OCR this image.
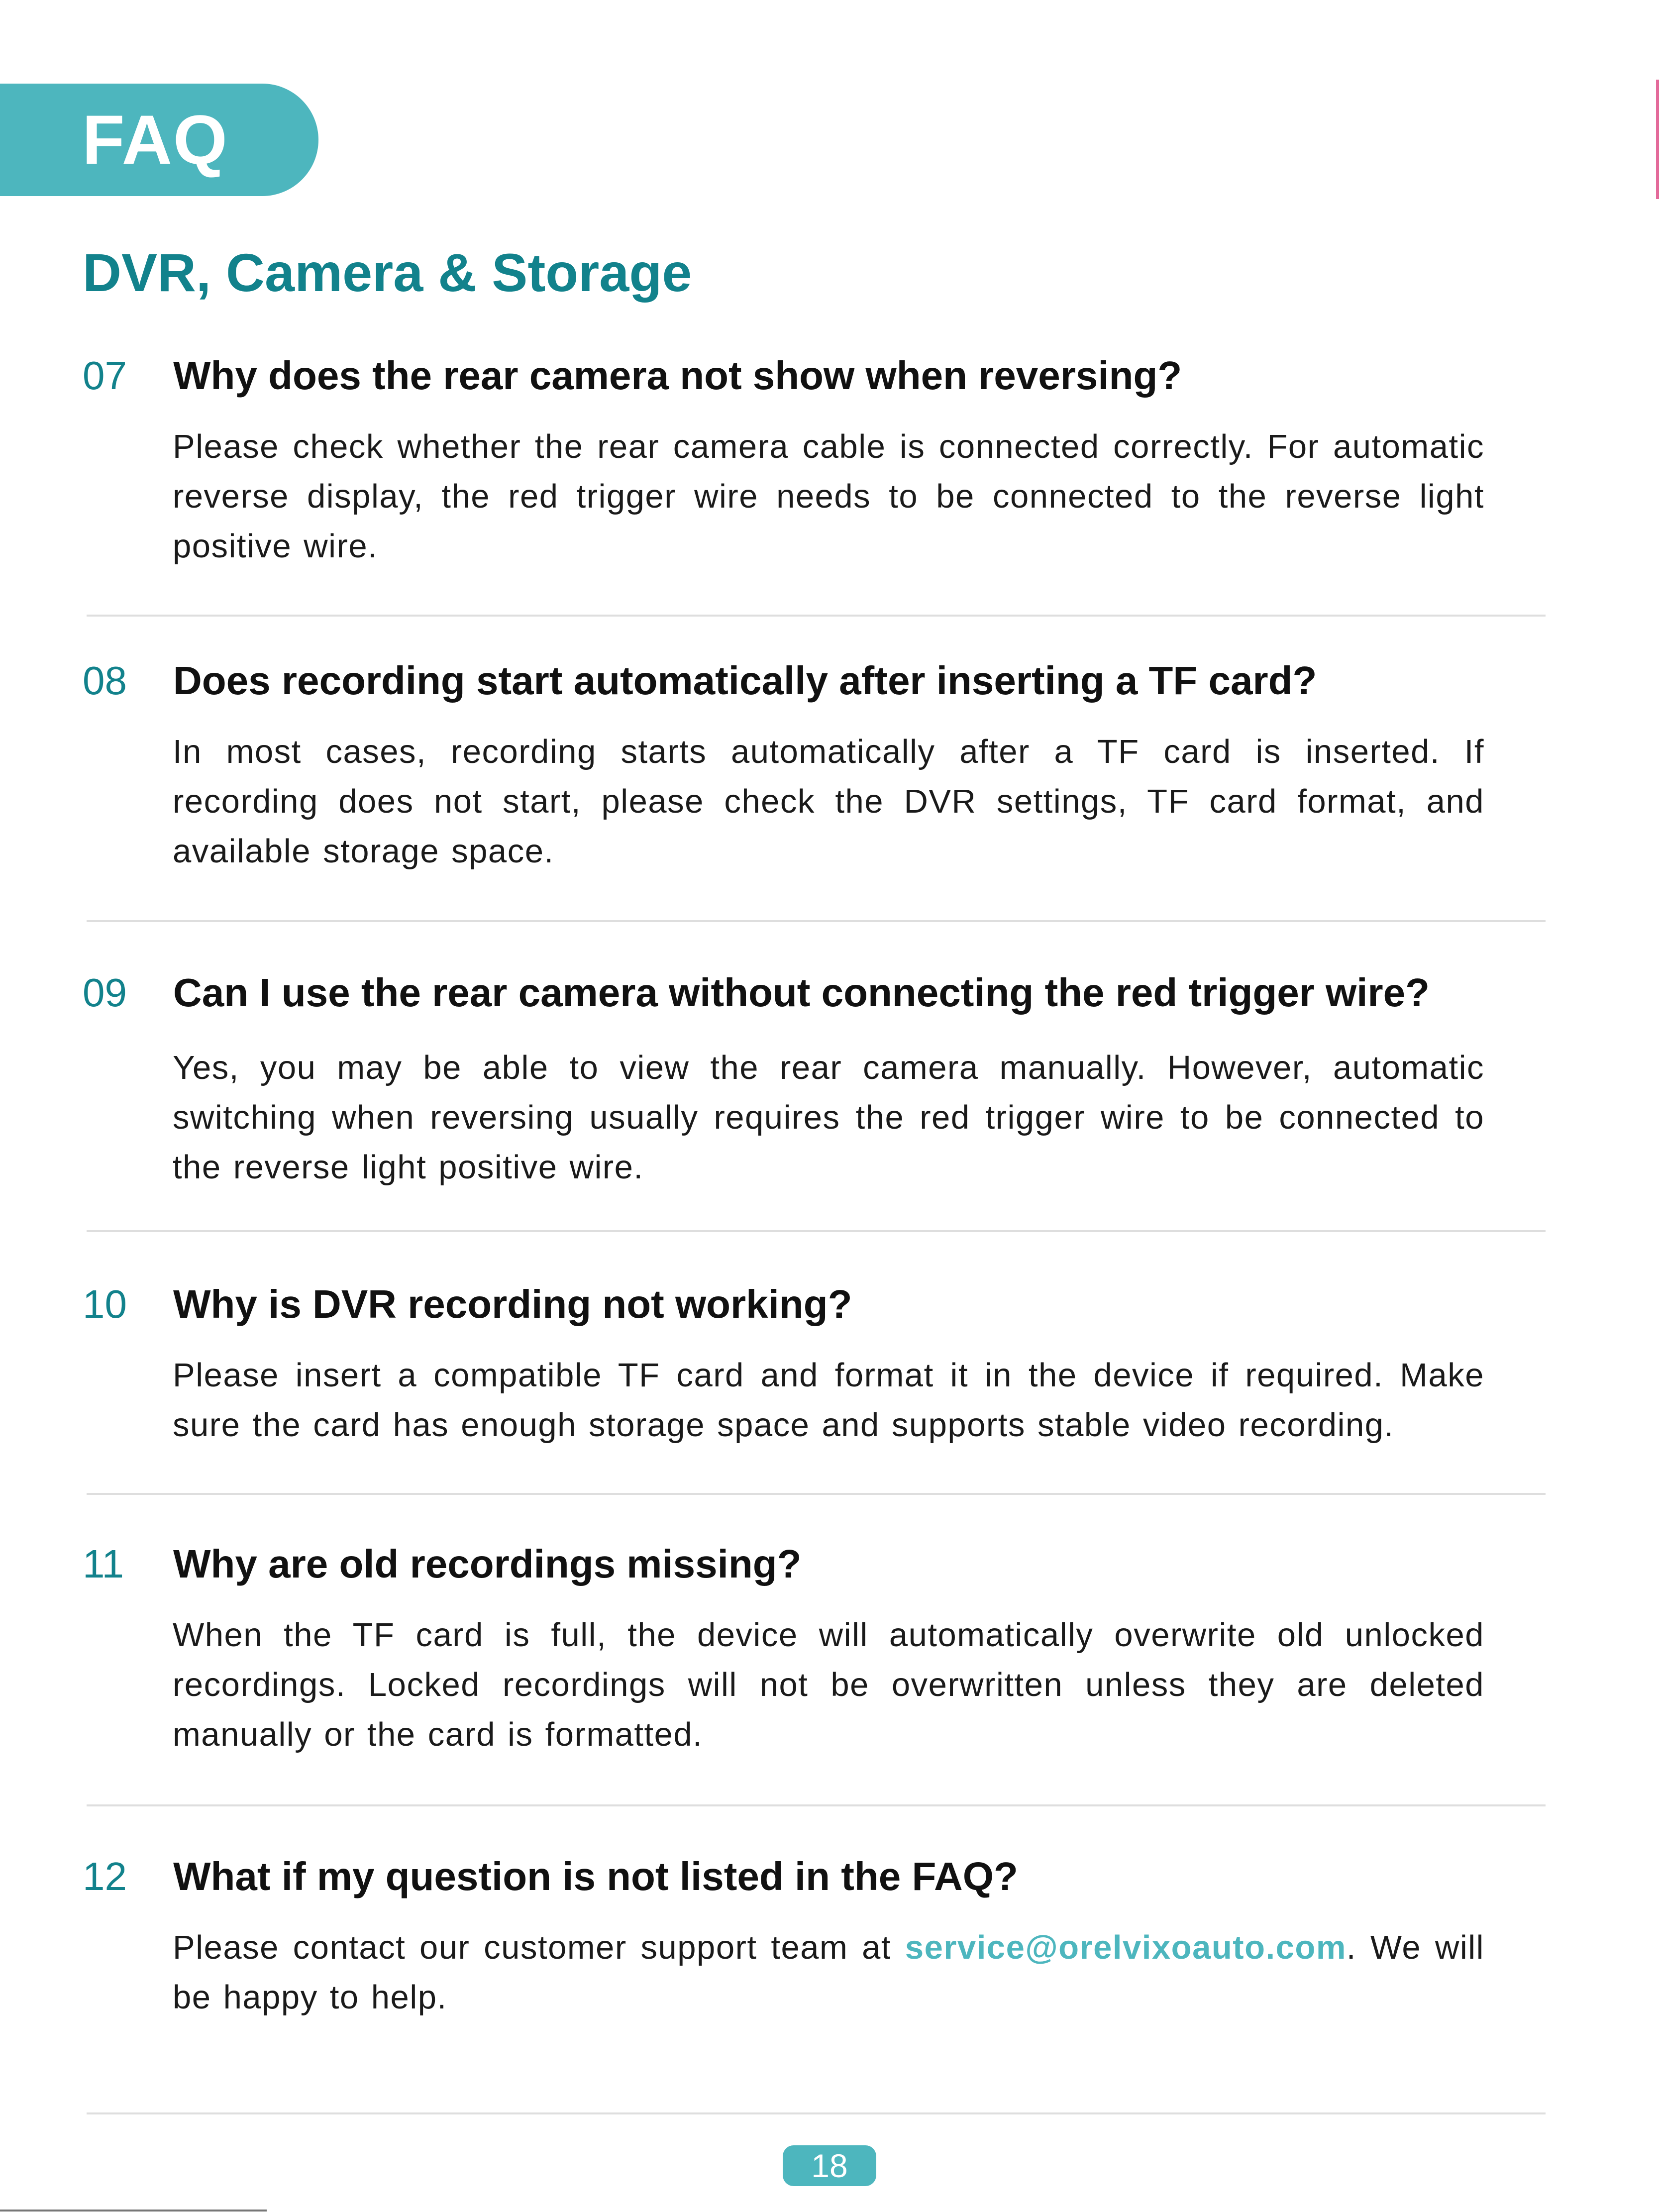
FAQ
DVR, Camera & Storage
07 Why does the rear camera not show when reversing?

Please check whether the rear camera cable is connected correctly. For automatic reverse display, the red trigger wire needs to be connected to the reverse light positive wire.

08 Does recording start automatically after inserting a TF card?

In most cases, recording starts automatically after a TF card is inserted. If recording does not start, please check the DVR settings, TF card format, and available storage space.

09 Can I use the rear camera without connecting the red trigger wire?

Yes, you may be able to view the rear camera manually. However, automatic switching when reversing usually requires the red trigger wire to be connected to the reverse light positive wire.

10 Why is DVR recording not working?

Please insert a compatible TF card and format it in the device if required. Make sure the card has enough storage space and supports stable video recording.

11 Why are old recordings missing?

When the TF card is full, the device will automatically overwrite old unlocked recordings. Locked recordings will not be overwritten unless they are deleted manually or the card is formatted.

12 What if my question is not listed in the FAQ?

Please contact our customer support team at service@orelvixoauto.com. We will be happy to help.

18
